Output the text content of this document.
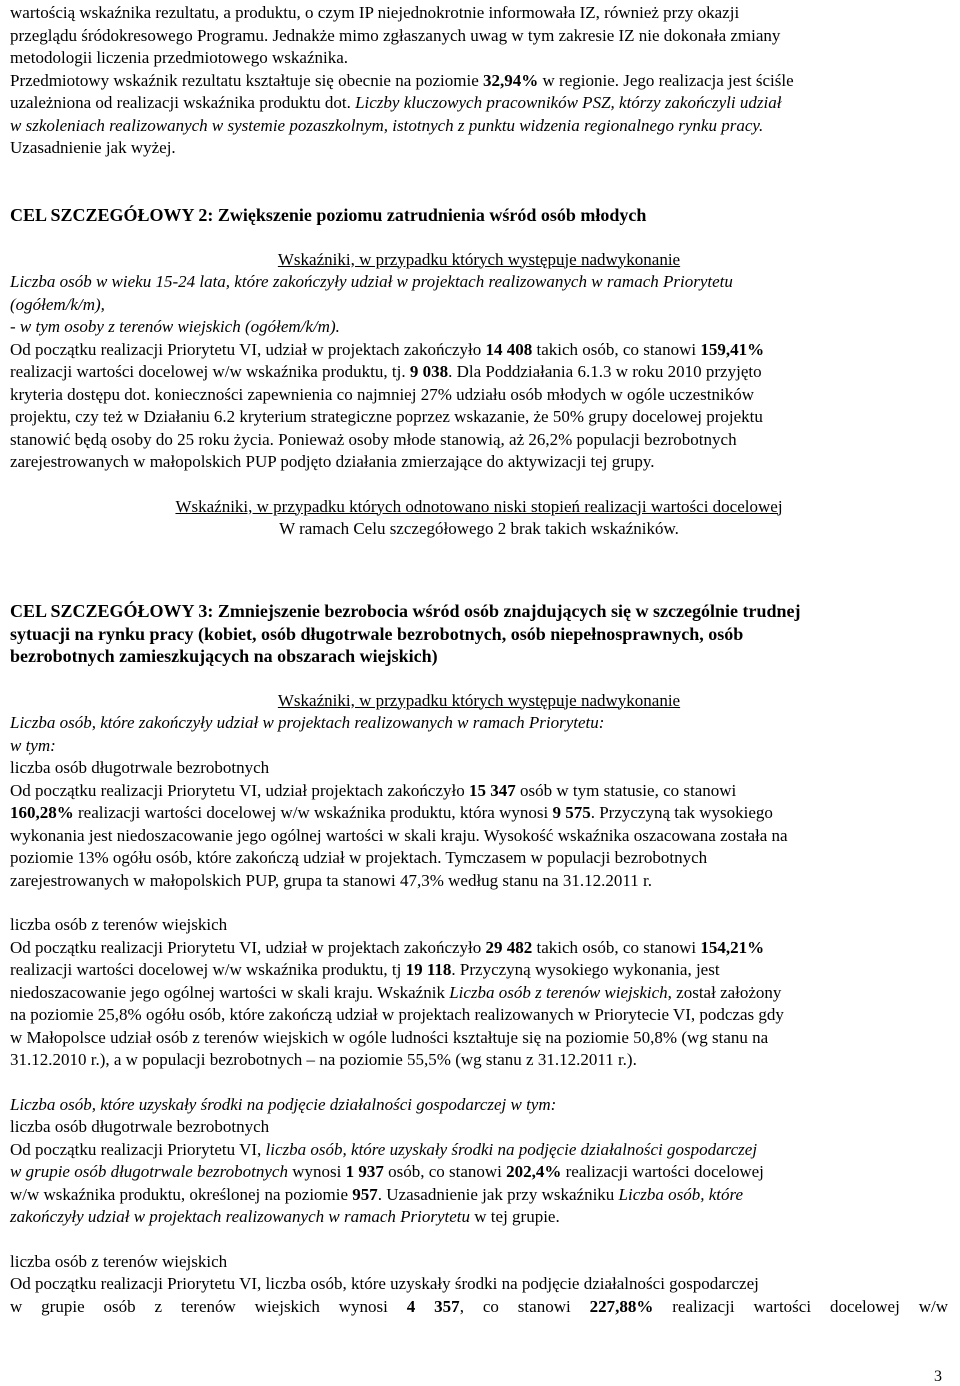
wartością wskaźnika rezultatu, a produktu, o czym IP niejednokrotnie informowała IZ, również przy okazji

przeglądu śródokresowego Programu. Jednakże mimo zgłaszanych uwag w tym zakresie IZ nie dokonała zmiany

metodologii liczenia przedmiotowego wskaźnika.

Przedmiotowy wskaźnik rezultatu kształtuje się obecnie na poziomie 32,94% w regionie. Jego realizacja jest ściśle

uzależniona od realizacji wskaźnika produktu dot. Liczby kluczowych pracowników PSZ, którzy zakończyli udział

w szkoleniach realizowanych w systemie pozaszkolnym, istotnych z punktu widzenia regionalnego rynku pracy.

Uzasadnienie jak wyżej.

CEL SZCZEGÓŁOWY 2: Zwiększenie poziomu zatrudnienia wśród osób młodych

Wskaźniki, w przypadku których występuje nadwykonanie

Liczba osób w wieku 15-24 lata, które zakończyły udział w projektach realizowanych w ramach Priorytetu

(ogółem/k/m),

- w tym osoby z terenów wiejskich (ogółem/k/m).

Od początku realizacji Priorytetu VI, udział w projektach zakończyło 14 408 takich osób, co stanowi 159,41%

realizacji wartości docelowej w/w wskaźnika produktu, tj. 9 038. Dla Poddziałania 6.1.3 w roku 2010 przyjęto

kryteria dostępu dot. konieczności zapewnienia co najmniej 27% udziału osób młodych w ogóle uczestników

projektu, czy też w Działaniu 6.2 kryterium strategiczne poprzez wskazanie, że 50% grupy docelowej projektu

stanowić będą osoby do 25 roku życia. Ponieważ osoby młode stanowią, aż 26,2% populacji bezrobotnych

zarejestrowanych w małopolskich PUP podjęto działania zmierzające do aktywizacji tej grupy.

Wskaźniki, w przypadku których odnotowano niski stopień realizacji wartości docelowej

W ramach Celu szczegółowego 2 brak takich wskaźników.

CEL SZCZEGÓŁOWY 3: Zmniejszenie bezrobocia wśród osób znajdujących się w szczególnie trudnej

sytuacji na rynku pracy (kobiet, osób długotrwale bezrobotnych, osób niepełnosprawnych, osób

bezrobotnych zamieszkujących na obszarach wiejskich)

Wskaźniki, w przypadku których występuje nadwykonanie

Liczba osób, które zakończyły udział w projektach realizowanych w ramach Priorytetu:

w tym:

liczba osób długotrwale bezrobotnych

Od początku realizacji Priorytetu VI, udział projektach zakończyło 15 347 osób w tym statusie, co stanowi

160,28% realizacji wartości docelowej w/w wskaźnika produktu, która wynosi 9 575. Przyczyną tak wysokiego

wykonania jest niedoszacowanie jego ogólnej wartości w skali kraju. Wysokość wskaźnika oszacowana została na

poziomie 13% ogółu osób, które zakończą udział w projektach. Tymczasem w populacji bezrobotnych

zarejestrowanych w małopolskich PUP, grupa ta stanowi 47,3% według stanu na 31.12.2011 r.

liczba osób z terenów wiejskich

Od początku realizacji Priorytetu VI, udział w projektach zakończyło 29 482 takich osób, co stanowi 154,21%

realizacji wartości docelowej w/w wskaźnika produktu, tj 19 118. Przyczyną wysokiego wykonania, jest

niedoszacowanie jego ogólnej wartości w skali kraju. Wskaźnik Liczba osób z terenów wiejskich, został założony

na poziomie 25,8% ogółu osób, które zakończą udział w projektach realizowanych w Priorytecie VI, podczas gdy

w Małopolsce udział osób z terenów wiejskich w ogóle ludności kształtuje się na poziomie 50,8% (wg stanu na

31.12.2010 r.), a w populacji bezrobotnych – na poziomie 55,5% (wg stanu z 31.12.2011 r.).

Liczba osób, które uzyskały środki na podjęcie działalności gospodarczej w tym:

liczba osób długotrwale bezrobotnych

Od początku realizacji Priorytetu VI, liczba osób, które uzyskały środki na podjęcie działalności gospodarczej

w grupie osób długotrwale bezrobotnych wynosi 1 937 osób, co stanowi 202,4% realizacji wartości docelowej

w/w wskaźnika produktu, określonej na poziomie 957. Uzasadnienie jak przy wskaźniku Liczba osób, które

zakończyły udział w projektach realizowanych w ramach Priorytetu w tej grupie.

liczba osób z terenów wiejskich

Od początku realizacji Priorytetu VI, liczba osób, które uzyskały środki na podjęcie działalności gospodarczej

w grupie osób z terenów wiejskich wynosi 4 357, co stanowi 227,88% realizacji wartości docelowej w/w

3
